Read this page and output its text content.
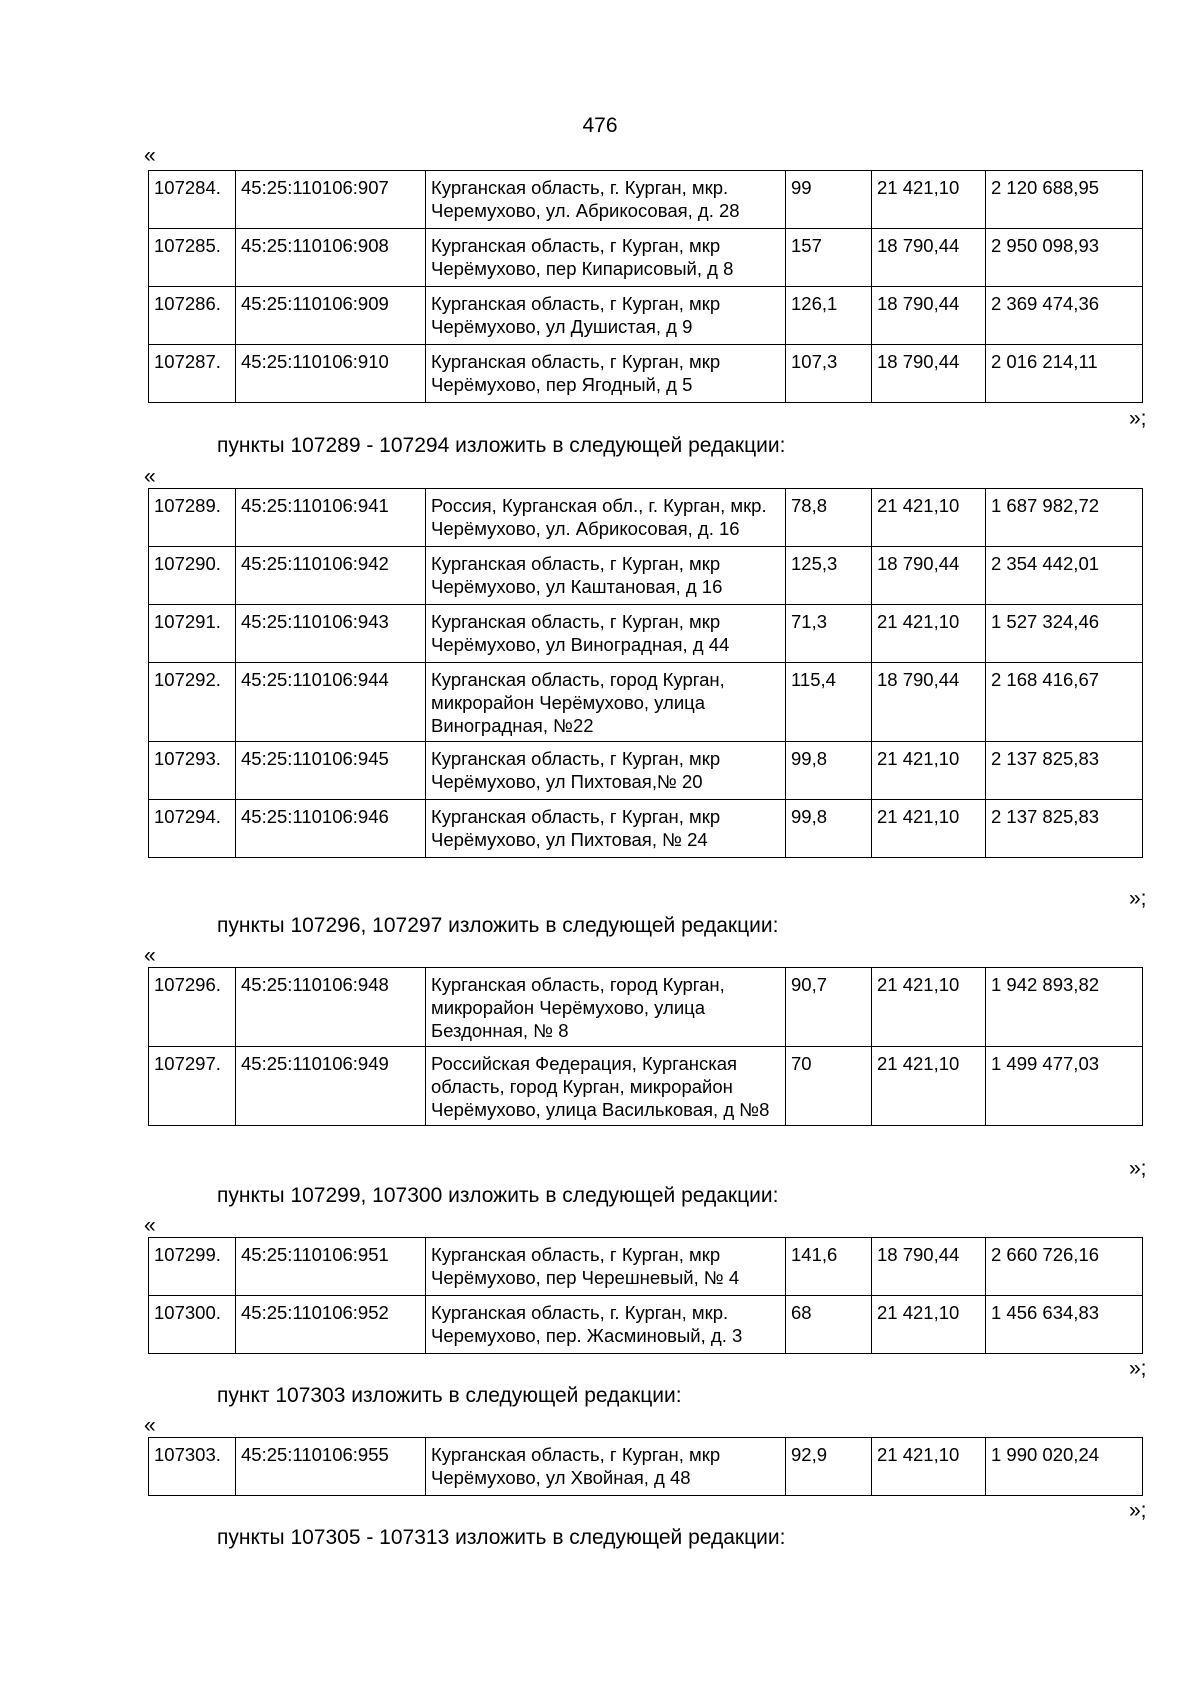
476
«
107284.	45:25:110106:907	Курганская область, г. Курган, мкр. Черемухово, ул. Абрикосовая, д. 28	99	21 421,10	2 120 688,95
107285.	45:25:110106:908	Курганская область, г Курган, мкр Черёмухово, пер Кипарисовый, д 8	157	18 790,44	2 950 098,93
107286.	45:25:110106:909	Курганская область, г Курган, мкр Черёмухово, ул Душистая, д 9	126,1	18 790,44	2 369 474,36
107287.	45:25:110106:910	Курганская область, г Курган, мкр Черёмухово, пер Ягодный, д 5	107,3	18 790,44	2 016 214,11
»;
пункты 107289 - 107294 изложить в следующей редакции:
«
107289.	45:25:110106:941	Россия, Курганская обл., г. Курган, мкр. Черёмухово, ул. Абрикосовая, д. 16	78,8	21 421,10	1 687 982,72
107290.	45:25:110106:942	Курганская область, г Курган, мкр Черёмухово, ул Каштановая, д 16	125,3	18 790,44	2 354 442,01
107291.	45:25:110106:943	Курганская область, г Курган, мкр Черёмухово, ул Виноградная, д 44	71,3	21 421,10	1 527 324,46
107292.	45:25:110106:944	Курганская область, город Курган, микрорайон Черёмухово, улица Виноградная, №22	115,4	18 790,44	2 168 416,67
107293.	45:25:110106:945	Курганская область, г Курган, мкр Черёмухово, ул Пихтовая,№ 20	99,8	21 421,10	2 137 825,83
107294.	45:25:110106:946	Курганская область, г Курган, мкр Черёмухово, ул Пихтовая, № 24	99,8	21 421,10	2 137 825,83
»;
пункты 107296, 107297 изложить в следующей редакции:
«
107296.	45:25:110106:948	Курганская область, город Курган, микрорайон Черёмухово, улица Бездонная, № 8	90,7	21 421,10	1 942 893,82
107297.	45:25:110106:949	Российская Федерация, Курганская область, город Курган, микрорайон Черёмухово, улица Васильковая, д №8	70	21 421,10	1 499 477,03
»;
пункты 107299, 107300 изложить в следующей редакции:
«
107299.	45:25:110106:951	Курганская область, г Курган, мкр Черёмухово, пер Черешневый, № 4	141,6	18 790,44	2 660 726,16
107300.	45:25:110106:952	Курганская область, г. Курган, мкр. Черемухово, пер. Жасминовый, д. 3	68	21 421,10	1 456 634,83
»;
пункт 107303 изложить в следующей редакции:
«
107303.	45:25:110106:955	Курганская область, г Курган, мкр Черёмухово, ул Хвойная, д 48	92,9	21 421,10	1 990 020,24
»;
пункты 107305 - 107313 изложить в следующей редакции:
